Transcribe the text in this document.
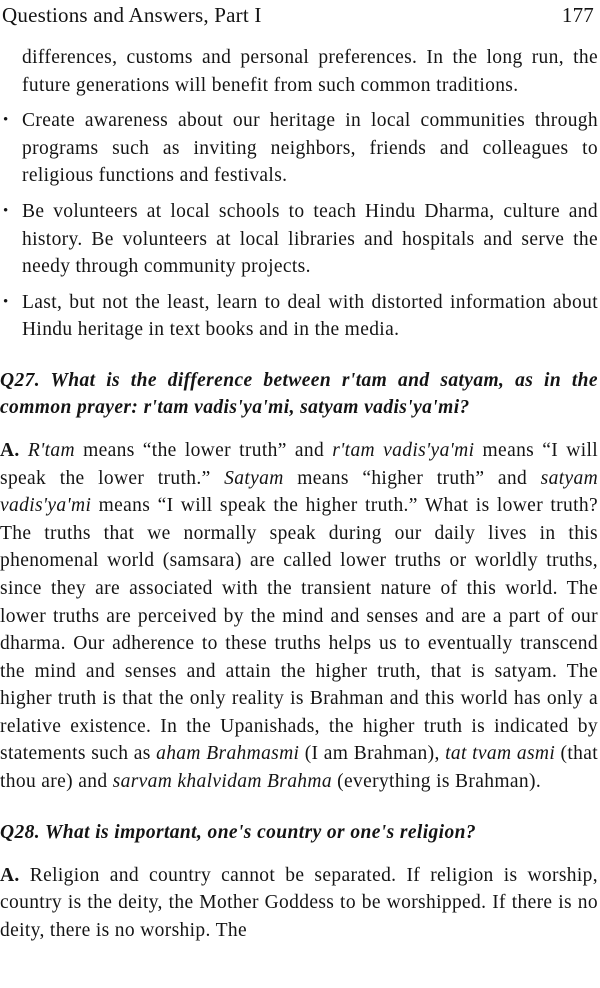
Questions and Answers, Part I	177

differences, customs and personal preferences. In the long run, the future generations will benefit from such common traditions.

• Create awareness about our heritage in local communities through programs such as inviting neighbors, friends and colleagues to religious functions and festivals.
• Be volunteers at local schools to teach Hindu Dharma, culture and history. Be volunteers at local libraries and hospitals and serve the needy through community projects.
• Last, but not the least, learn to deal with distorted information about Hindu heritage in text books and in the media.

Q27. What is the difference between r'tam and satyam, as in the common prayer: r'tam vadis'ya'mi, satyam vadis'ya'mi?

A. R'tam means “the lower truth” and r'tam vadis'ya'mi means “I will speak the lower truth.” Satyam means “higher truth” and satyam vadis'ya'mi means “I will speak the higher truth.” What is lower truth? The truths that we normally speak during our daily lives in this phenomenal world (samsara) are called lower truths or worldly truths, since they are associated with the transient nature of this world. The lower truths are perceived by the mind and senses and are a part of our dharma. Our adherence to these truths helps us to eventually transcend the mind and senses and attain the higher truth, that is satyam. The higher truth is that the only reality is Brahman and this world has only a relative existence. In the Upanishads, the higher truth is indicated by statements such as aham Brahmasmi (I am Brahman), tat tvam asmi (that thou are) and sarvam khalvidam Brahma (everything is Brahman).

Q28. What is important, one's country or one's religion?

A. Religion and country cannot be separated. If religion is worship, country is the deity, the Mother Goddess to be worshipped. If there is no deity, there is no worship. The
